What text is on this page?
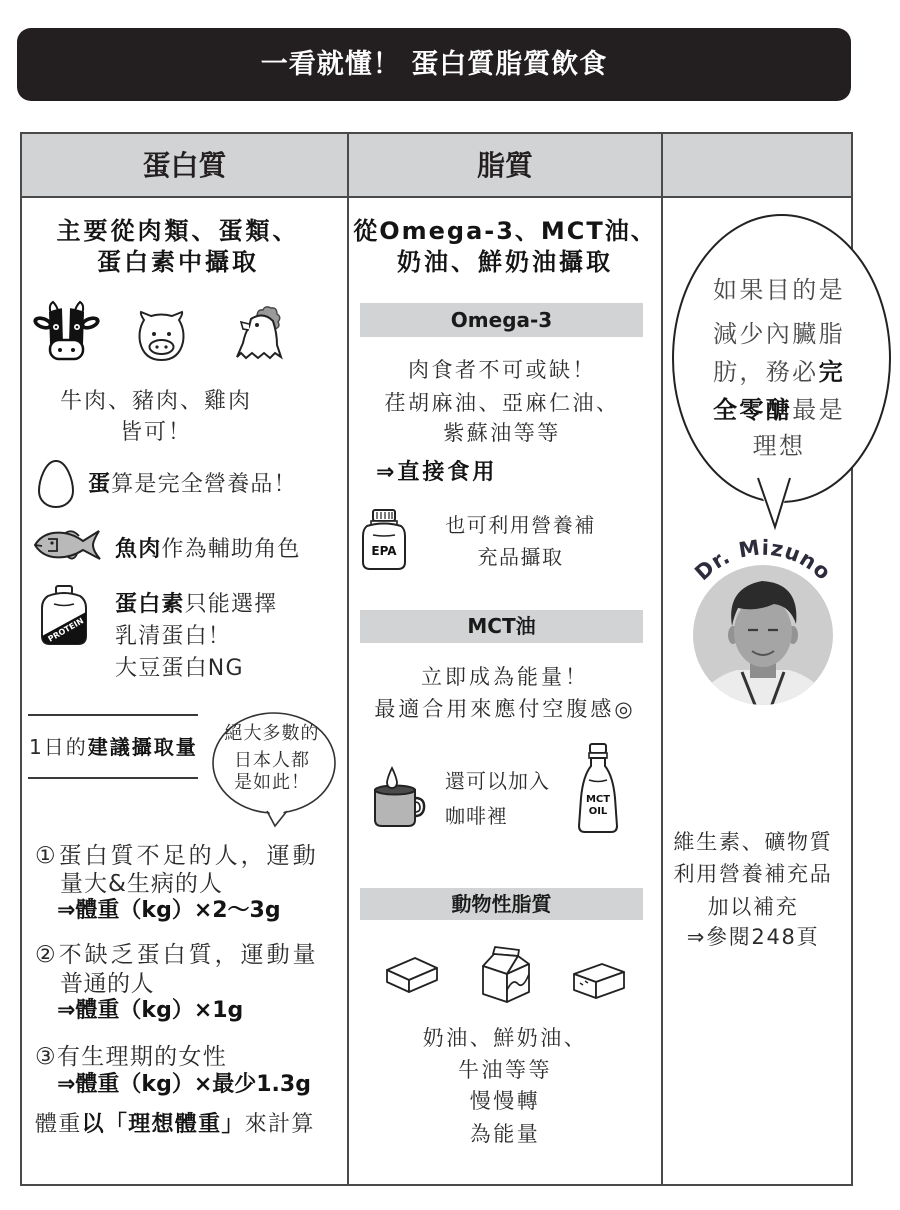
一看就懂！ 蛋白質脂質飲食
蛋白質	脂質
主要從肉類、蛋類、
蛋白素中攝取
牛肉、豬肉、雞肉
皆可！
蛋算是完全營養品！
魚肉作為輔助角色
PROTEIN
蛋白素只能選擇
乳清蛋白！
大豆蛋白NG
1日的建議攝取量
絕大多數的
日本人都
是如此！
①蛋白質不足的人，運動
量大&生病的人
⇒體重（kg）×2～3g
②不缺乏蛋白質，運動量
普通的人
⇒體重（kg）×1g
③有生理期的女性
⇒體重（kg）×最少1.3g
體重以「理想體重」來計算
從Omega-3、MCT油、
奶油、鮮奶油攝取
Omega-3
肉食者不可或缺！
荏胡麻油、亞麻仁油、
紫蘇油等等
⇒直接食用
EPA
也可利用營養補
充品攝取
MCT油
立即成為能量！
最適合用來應付空腹感◎
還可以加入
咖啡裡
MCT
OIL
動物性脂質
奶油、鮮奶油、
牛油等等
慢慢轉
為能量
如果目的是
減少內臟脂
肪，務必完
全零醣最是
理想
Dr. Mizuno
維生素、礦物質
利用營養補充品
加以補充
⇒參閱248頁
